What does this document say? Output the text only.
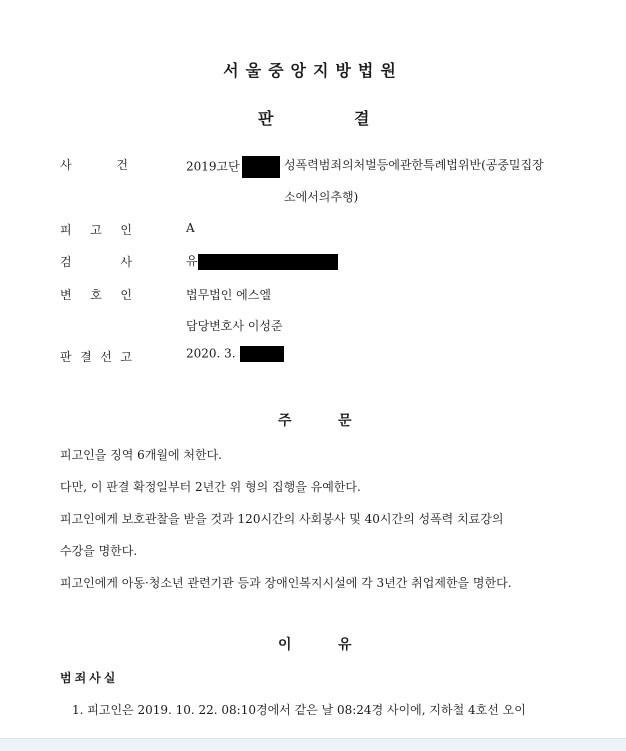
서울중앙지방법원
판	결
사	건	2019고단	성폭력범죄의처벌등에관한특례법위반(공중밀집장
소에서의추행)
피 고 인	A
검	사	유
변 호 인	법무법인 에스엘
담당변호사 이성준
판 결 선 고	2020. 3.
주	문
피고인을 징역 6개월에 처한다.
다만, 이 판결 확정일부터 2년간 위 형의 집행을 유예한다.
피고인에게 보호관찰을 받을 것과 120시간의 사회봉사 및 40시간의 성폭력 치료강의
수강을 명한다.
피고인에게 아동·청소년 관련기관 등과 장애인복지시설에 각 3년간 취업제한을 명한다.
이	유
범죄사실
1. 피고인은 2019. 10. 22. 08:10경에서 같은 날 08:24경 사이에, 지하철 4호선 오이
